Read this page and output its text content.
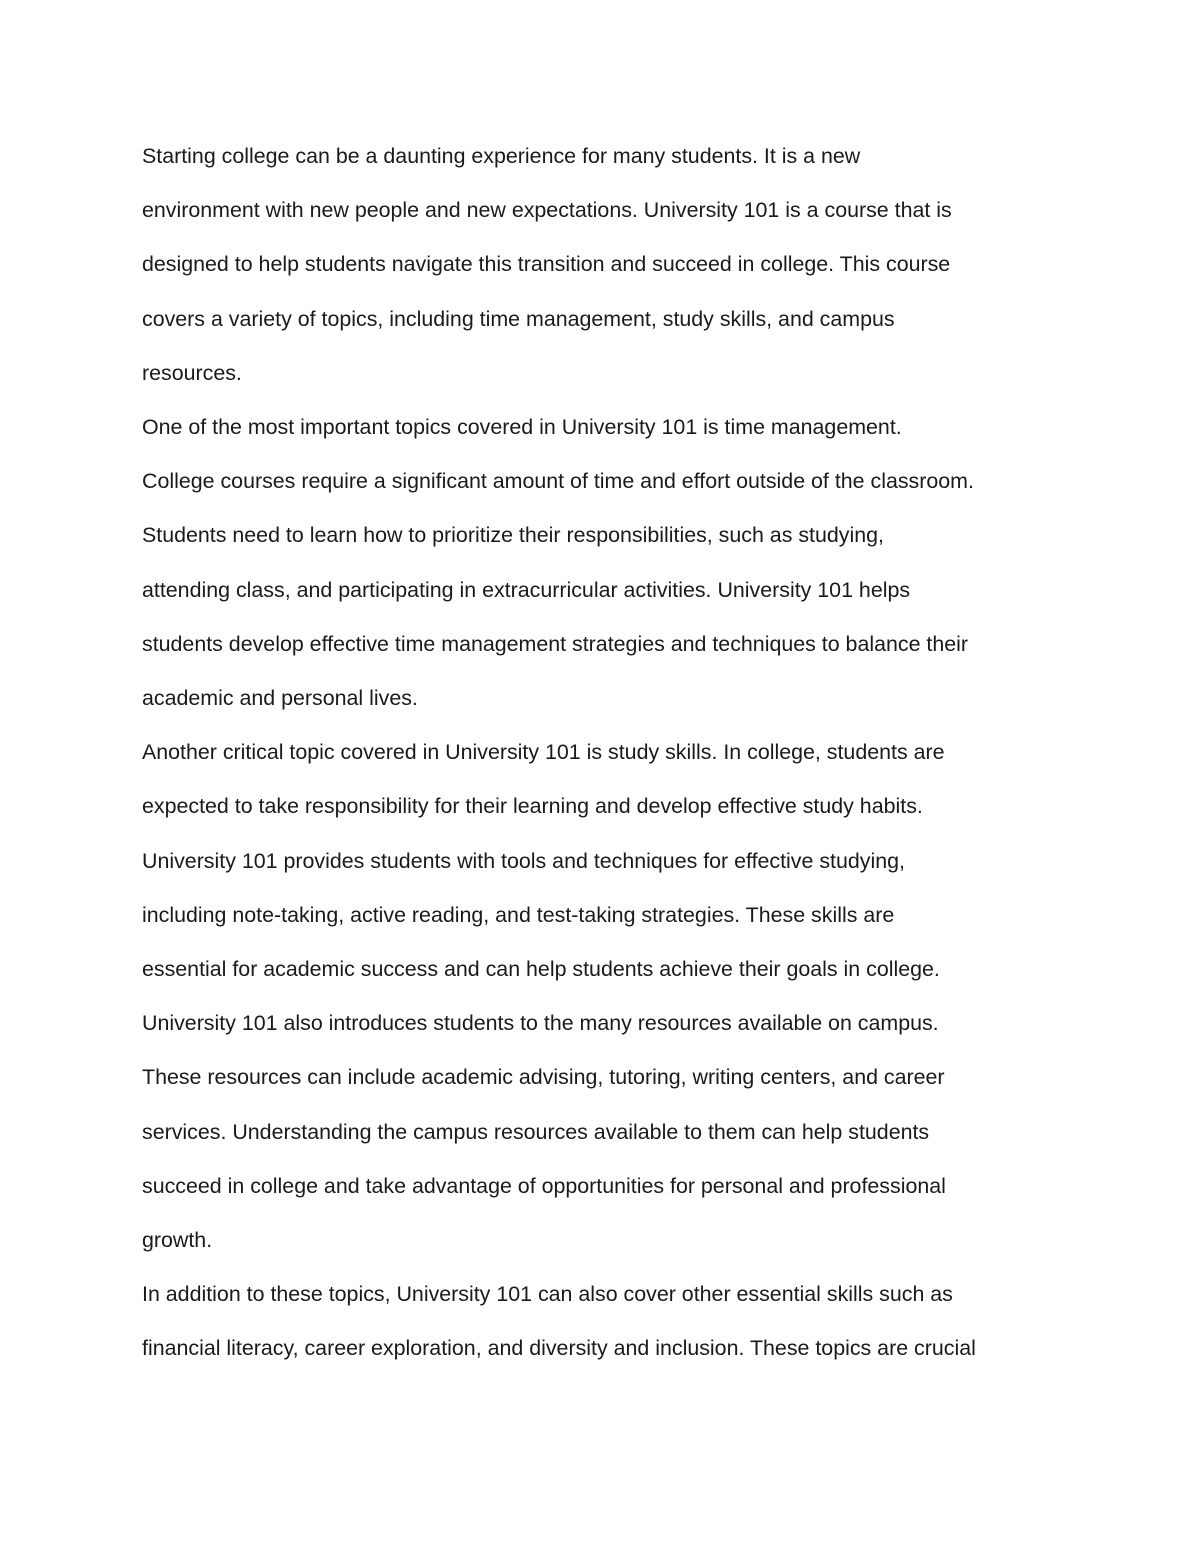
Starting college can be a daunting experience for many students. It is a new

environment with new people and new expectations. University 101 is a course that is

designed to help students navigate this transition and succeed in college. This course

covers a variety of topics, including time management, study skills, and campus

resources.

One of the most important topics covered in University 101 is time management.

College courses require a significant amount of time and effort outside of the classroom.

Students need to learn how to prioritize their responsibilities, such as studying,

attending class, and participating in extracurricular activities. University 101 helps

students develop effective time management strategies and techniques to balance their

academic and personal lives.

Another critical topic covered in University 101 is study skills. In college, students are

expected to take responsibility for their learning and develop effective study habits.

University 101 provides students with tools and techniques for effective studying,

including note-taking, active reading, and test-taking strategies. These skills are

essential for academic success and can help students achieve their goals in college.

University 101 also introduces students to the many resources available on campus.

These resources can include academic advising, tutoring, writing centers, and career

services. Understanding the campus resources available to them can help students

succeed in college and take advantage of opportunities for personal and professional

growth.

In addition to these topics, University 101 can also cover other essential skills such as

financial literacy, career exploration, and diversity and inclusion. These topics are crucial
